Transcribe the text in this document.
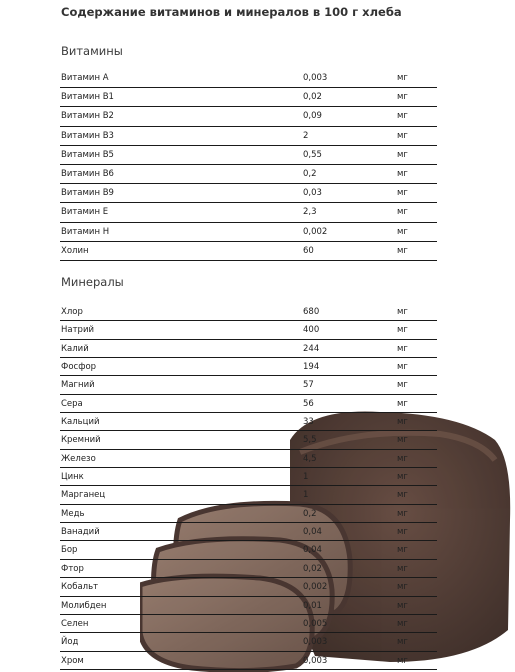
Содержание витаминов и минералов в 100 г хлеба
Витамины
Витамин А	0,003	мг
Витамин В1	0,02	мг
Витамин В2	0,09	мг
Витамин В3	2	мг
Витамин В5	0,55	мг
Витамин В6	0,2	мг
Витамин В9	0,03	мг
Витамин Е	2,3	мг
Витамин Н	0,002	мг
Холин	60	мг
Минералы
Хлор	680	мг
Натрий	400	мг
Калий	244	мг
Фосфор	194	мг
Магний	57	мг
Сера	56	мг
Кальций	33	мг
Кремний	5,5	мг
Железо	4,5	мг
Цинк	1	мг
Марганец	1	мг
Медь	0,2	мг
Ванадий	0,04	мг
Бор	0,04	мг
Фтор	0,02	мг
Кобальт	0,002	мг
Молибден	0,01	мг
Селен	0,005	мг
Йод	0,003	мг
Хром	0,003	мг
